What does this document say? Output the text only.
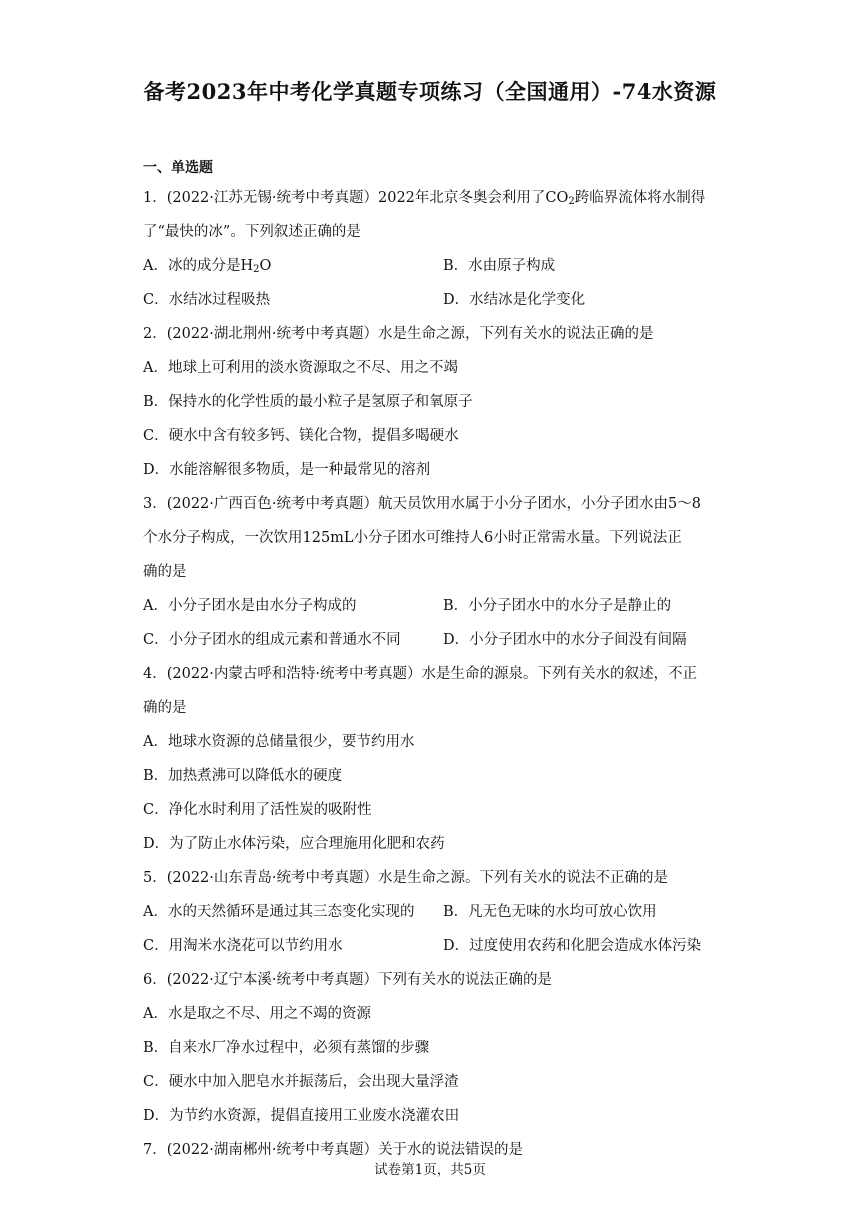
备考2023年中考化学真题专项练习（全国通用）-74水资源
一、单选题
1．(2022·江苏无锡·统考中考真题）2022年北京冬奥会利用了$CO_2$跨临界流体将水制得
了“最快的冰”。下列叙述正确的是
A．冰的成分是$H_2O$	B．水由原子构成
C．水结冰过程吸热	D．水结冰是化学变化
2．(2022·湖北荆州·统考中考真题）水是生命之源，下列有关水的说法正确的是
A．地球上可利用的淡水资源取之不尽、用之不竭
B．保持水的化学性质的最小粒子是氢原子和氧原子
C．硬水中含有较多钙、镁化合物，提倡多喝硬水
D．水能溶解很多物质，是一种最常见的溶剂
3．(2022·广西百色·统考中考真题）航天员饮用水属于小分子团水，小分子团水由5～8
个水分子构成，一次饮用125mL小分子团水可维持人6小时正常需水量。下列说法正
确的是
A．小分子团水是由水分子构成的	B．小分子团水中的水分子是静止的
C．小分子团水的组成元素和普通水不同	D．小分子团水中的水分子间没有间隔
4．(2022·内蒙古呼和浩特·统考中考真题）水是生命的源泉。下列有关水的叙述，不正
确的是
A．地球水资源的总储量很少，要节约用水
B．加热煮沸可以降低水的硬度
C．净化水时利用了活性炭的吸附性
D．为了防止水体污染，应合理施用化肥和农药
5．(2022·山东青岛·统考中考真题）水是生命之源。下列有关水的说法不正确的是
A．水的天然循环是通过其三态变化实现的 B．凡无色无味的水均可放心饮用
C．用淘米水浇花可以节约用水	D．过度使用农药和化肥会造成水体污染
6．(2022·辽宁本溪·统考中考真题）下列有关水的说法正确的是
A．水是取之不尽、用之不竭的资源
B．自来水厂净水过程中，必须有蒸馏的步骤
C．硬水中加入肥皂水并振荡后，会出现大量浮渣
D．为节约水资源，提倡直接用工业废水浇灌农田
7．(2022·湖南郴州·统考中考真题）关于水的说法错误的是
试卷第1页，共5页
